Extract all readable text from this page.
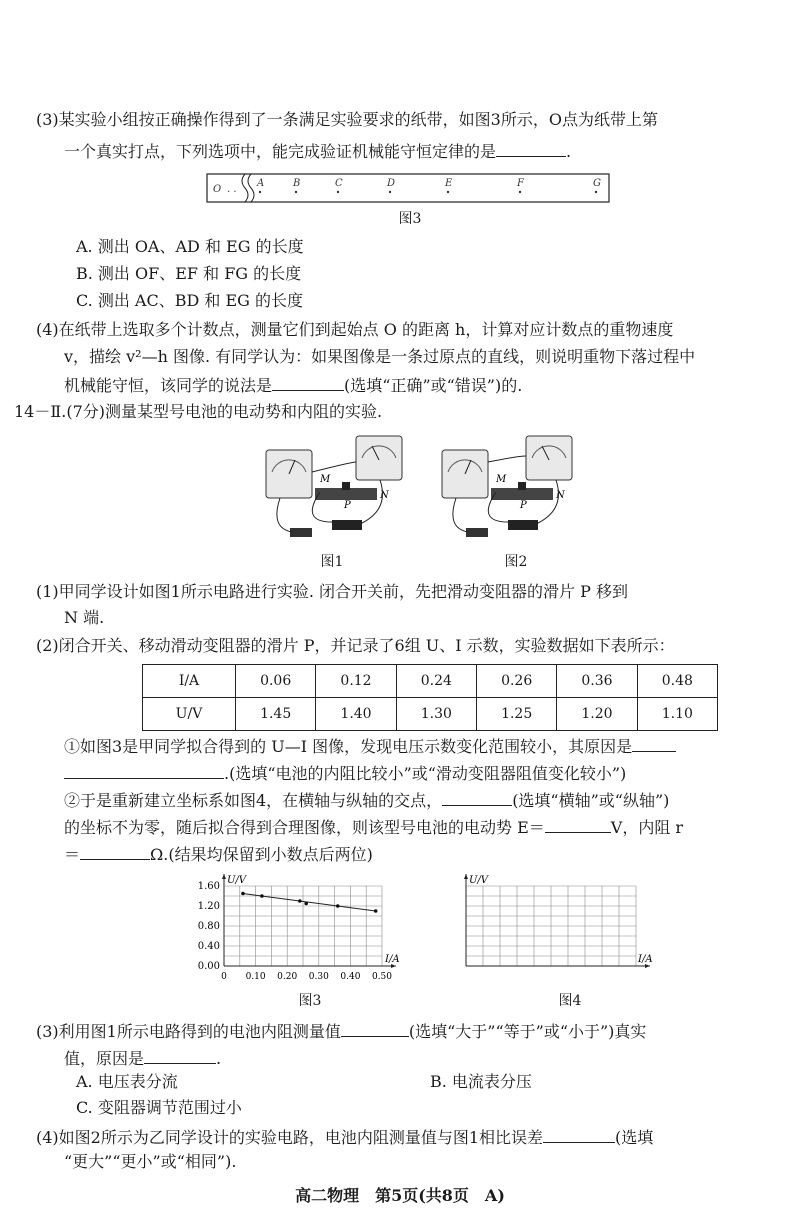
(3)某实验小组按正确操作得到了一条满足实验要求的纸带，如图3所示，O点为纸带上第
一个真实打点，下列选项中，能完成验证机械能守恒定律的是	.
O . .
A	B	C	D	E	F	G
图3
A. 测出 OA、AD 和 EG 的长度
B. 测出 OF、EF 和 FG 的长度
C. 测出 AC、BD 和 EG 的长度
(4)在纸带上选取多个计数点，测量它们到起始点 O 的距离 h，计算对应计数点的重物速度
v，描绘 v²—h 图像. 有同学认为：如果图像是一条过原点的直线，则说明重物下落过程中
机械能守恒，该同学的说法是	(选填“正确”或“错误”)的.
14－Ⅱ.(7分)测量某型号电池的电动势和内阻的实验.
M
P
N
图1
M
P
N
图2
(1)甲同学设计如图1所示电路进行实验. 闭合开关前，先把滑动变阻器的滑片 P 移到
N 端.
(2)闭合开关、移动滑动变阻器的滑片 P，并记录了6组 U、I 示数，实验数据如下表所示：
I/A	0.06	0.12	0.24	0.26	0.36	0.48
U/V	1.45	1.40	1.30	1.25	1.20	1.10
①如图3是甲同学拟合得到的 U—I 图像，发现电压示数变化范围较小，其原因是
.(选填“电池的内阻比较小”或“滑动变阻器阻值变化较小”)
②于是重新建立坐标系如图4，在横轴与纵轴的交点，	(选填“横轴”或“纵轴”)
的坐标不为零，随后拟合得到合理图像，则该型号电池的电动势 E＝	V，内阻 r
＝	Ω.(结果均保留到小数点后两位)
0.00
0.40
0.80
1.20
1.60
0 0.10 0.20 0.30 0.40 0.50
U/V
I/A
图3
U/V
I/A
图4
(3)利用图1所示电路得到的电池内阻测量值	(选填“大于”“等于”或“小于”)真实
值，原因是	.
A. 电压表分流	B. 电流表分压
C. 变阻器调节范围过小
(4)如图2所示为乙同学设计的实验电路，电池内阻测量值与图1相比误差	(选填
“更大”“更小”或“相同”).
高二物理　第5页(共8页　A)
